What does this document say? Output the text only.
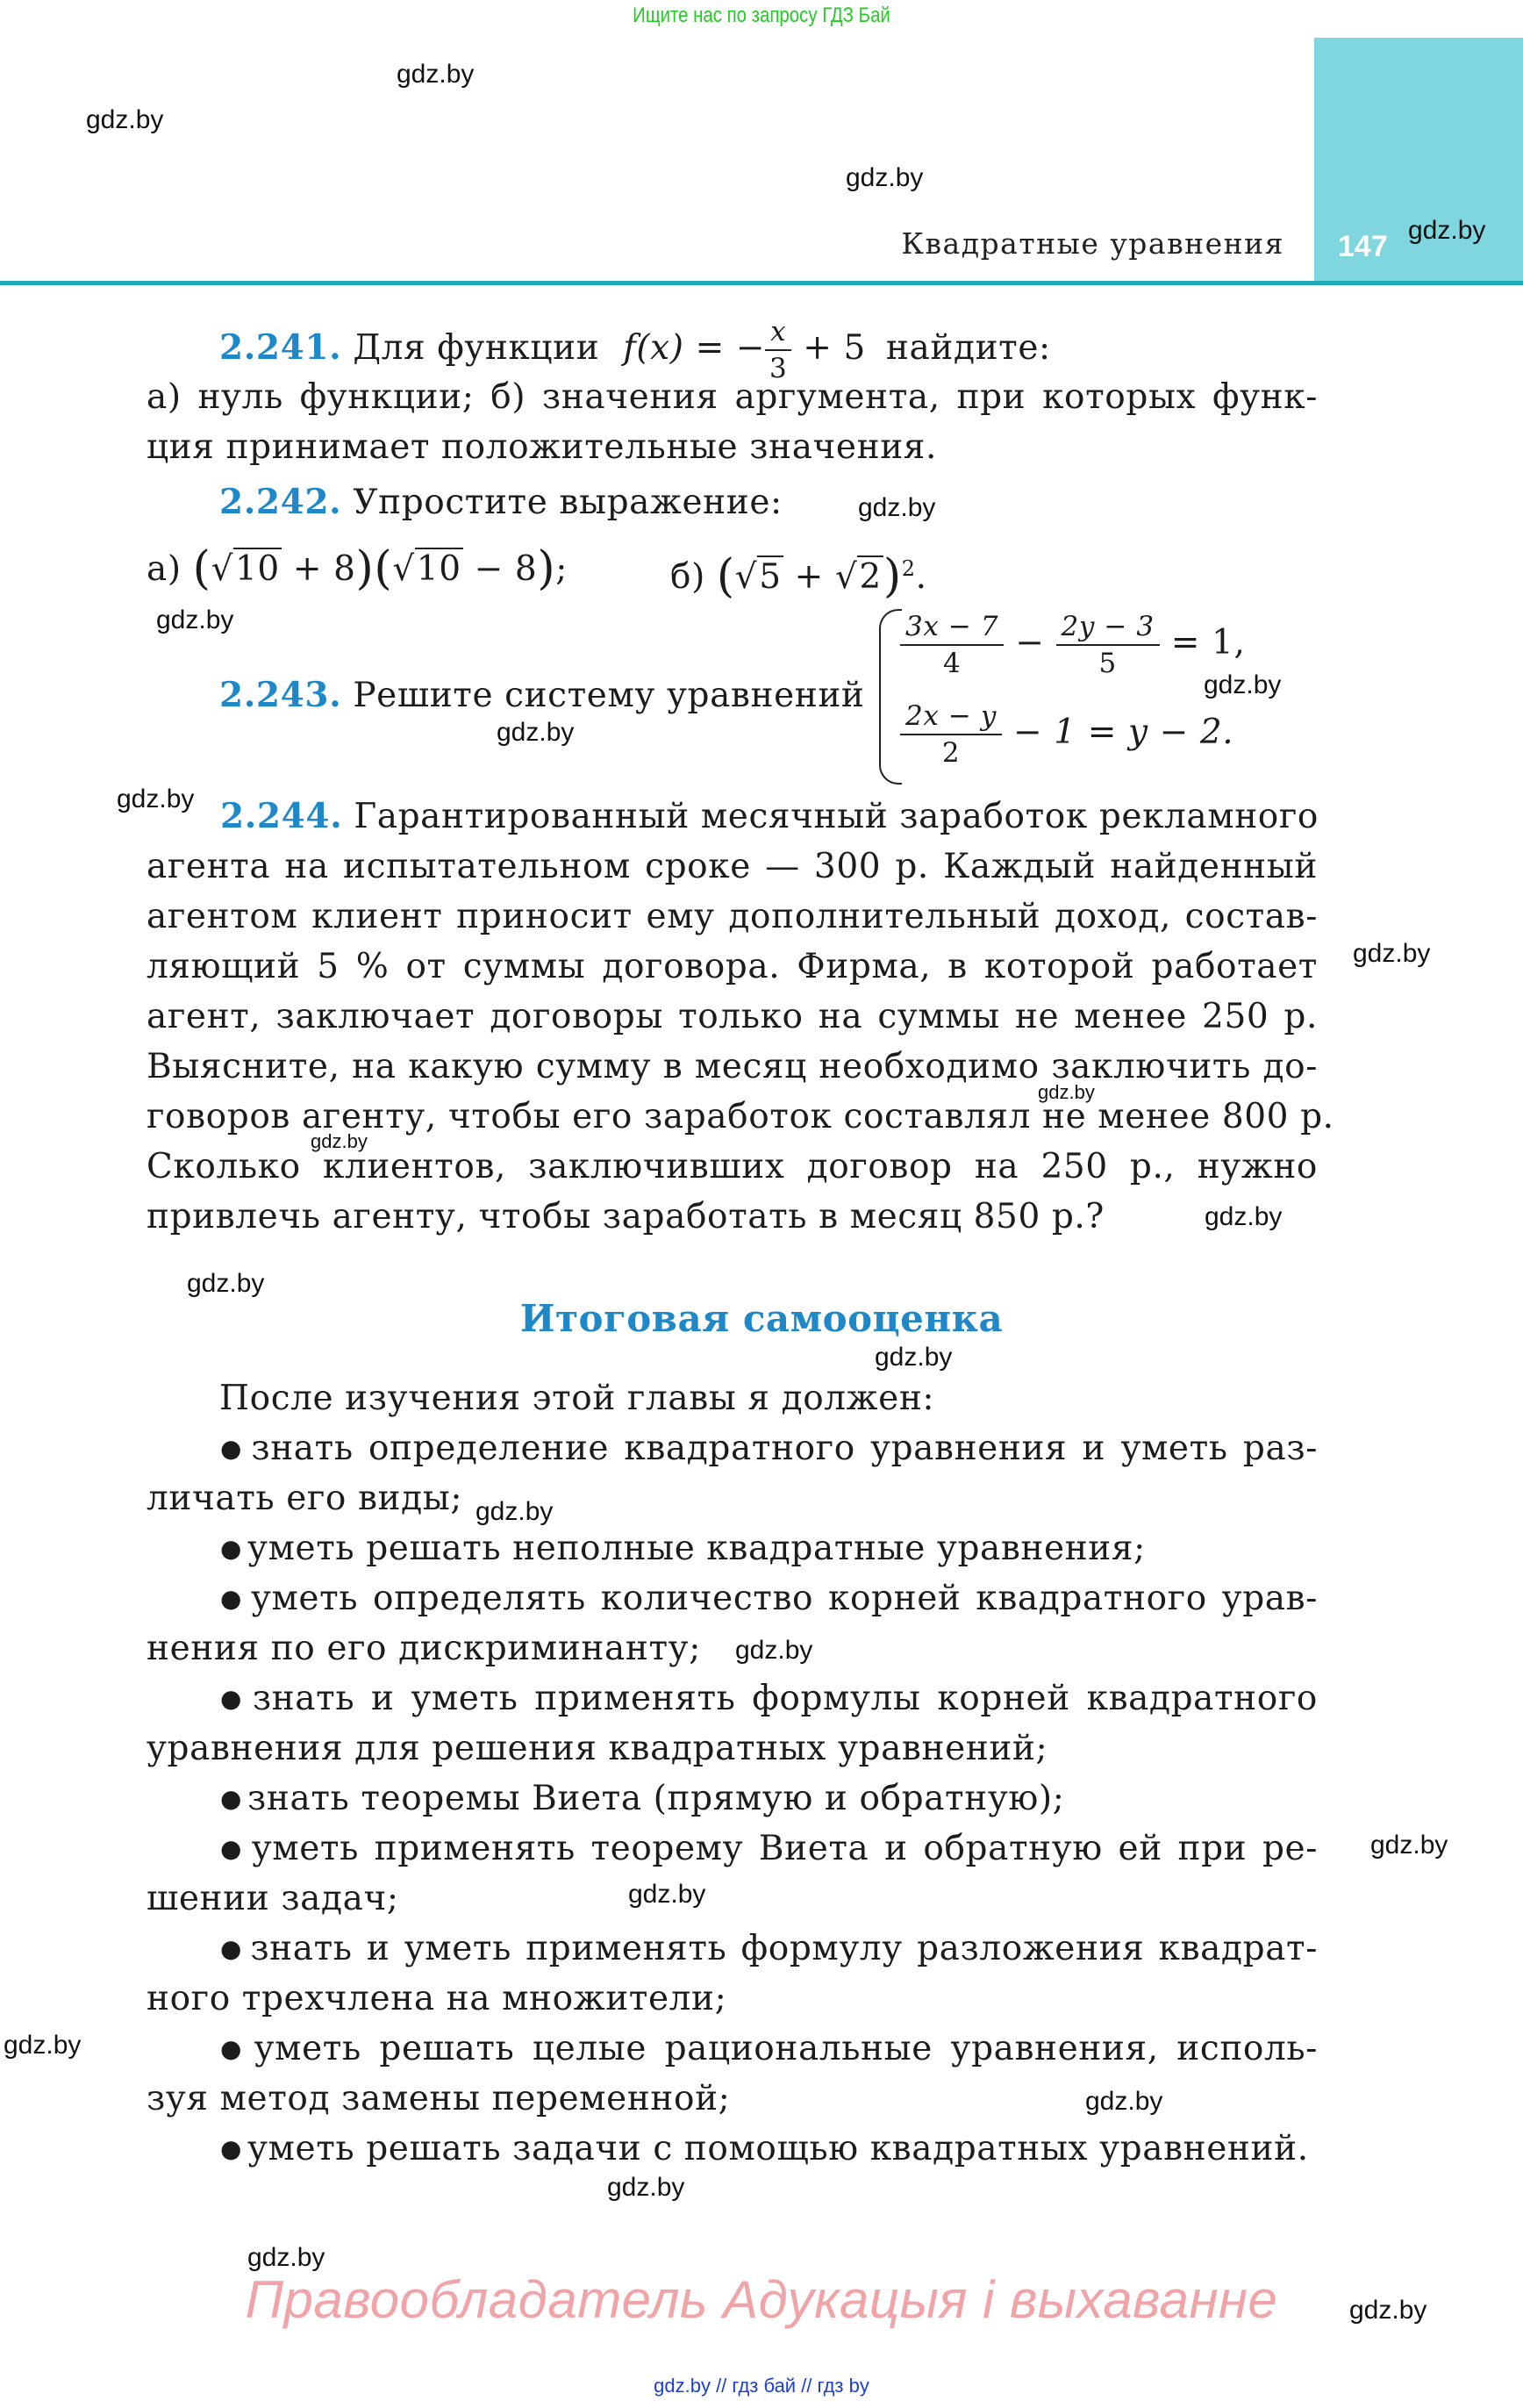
Ищите нас по запросу ГДЗ Бай
Квадратные уравнения 147
gdz.by
gdz.by
gdz.by
gdz.by
gdz.by
gdz.by
gdz.by
gdz.by
gdz.by
gdz.by
gdz.by
gdz.by
gdz.by
gdz.by
gdz.by
gdz.by
gdz.by
gdz.by
gdz.by
gdz.by
gdz.by
gdz.by
gdz.by
gdz.by
2.241. Для функции f(x) = − $\frac{x}{3} + 5$ найдите:
а) нуль функции; б) значения аргумента, при которых функ-
ция принимает положительные значения.
2.242. Упростите выражение:
а) (√10 + 8)(√10 − 8);	б) $(√5 + √2)^2$.
2.243. Решите систему уравнений
$\frac{3x - 7}{4} - \frac{2y - 3}{5} = 1$,
$\frac{2x - y}{2} - 1 = y - 2$.
2.244. Гарантированный месячный заработок рекламного
агента на испытательном сроке — 300 р. Каждый найденный
агентом клиент приносит ему дополнительный доход, состав-
ляющий 5 % от суммы договора. Фирма, в которой работает
агент, заключает договоры только на суммы не менее 250 р.
Выясните, на какую сумму в месяц необходимо заключить до-
говоров агенту, чтобы его заработок составлял не менее 800 р.
Сколько клиентов, заключивших договор на 250 р., нужно
привлечь агенту, чтобы заработать в месяц 850 р.?
Итоговая самооценка
После изучения этой главы я должен:
● знать определение квадратного уравнения и уметь раз-
личать его виды;
● уметь решать неполные квадратные уравнения;
● уметь определять количество корней квадратного урав-
нения по его дискриминанту;
● знать и уметь применять формулы корней квадратного
уравнения для решения квадратных уравнений;
● знать теоремы Виета (прямую и обратную);
● уметь применять теорему Виета и обратную ей при ре-
шении задач;
● знать и уметь применять формулу разложения квадрат-
ного трехчлена на множители;
● уметь решать целые рациональные уравнения, исполь-
зуя метод замены переменной;
● уметь решать задачи с помощью квадратных уравнений.
Правообладатель Адукацыя і выхаванне
gdz.by // гдз бай // гдз by
